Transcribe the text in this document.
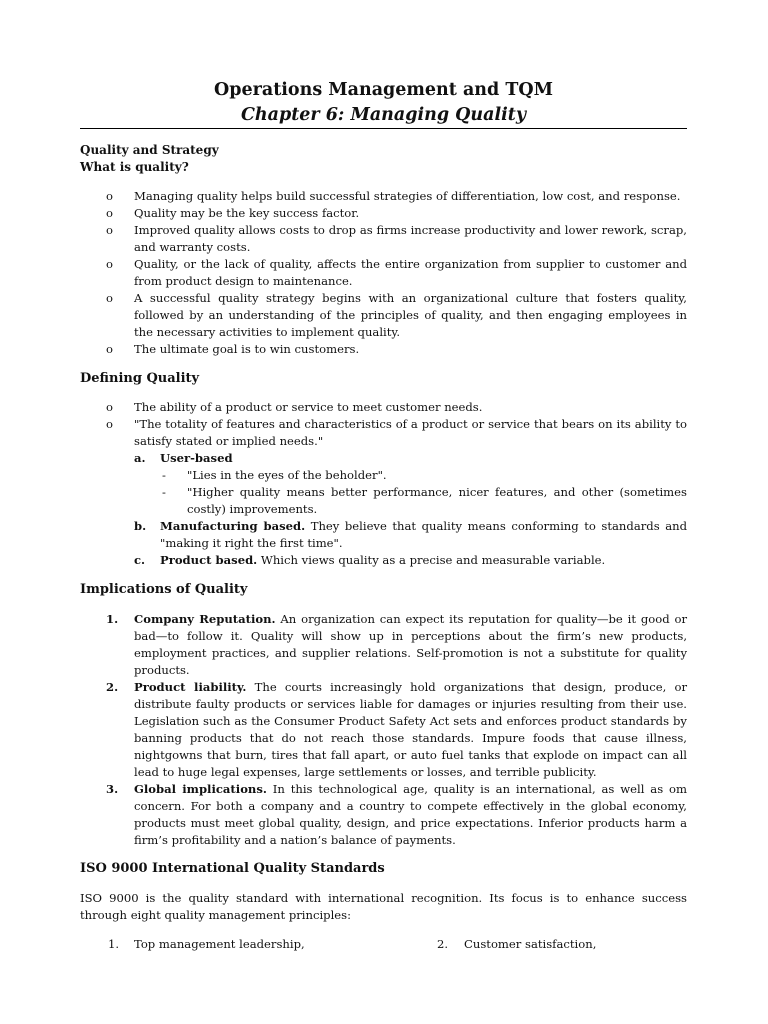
Operations Management and TQM
Chapter 6: Managing Quality
Quality and Strategy
What is quality?
o Managing quality helps build successful strategies of differentiation, low cost, and response.
o Quality may be the key success factor.
o Improved quality allows costs to drop as firms increase productivity and lower rework, scrap, and warranty costs.
o Quality, or the lack of quality, affects the entire organization from supplier to customer and from product design to maintenance.
o A successful quality strategy begins with an organizational culture that fosters quality, followed by an understanding of the principles of quality, and then engaging employees in the necessary activities to implement quality.
o The ultimate goal is to win customers.
Defining Quality
o The ability of a product or service to meet customer needs.
o "The totality of features and characteristics of a product or service that bears on its ability to satisfy stated or implied needs."
a. User-based
- "Lies in the eyes of the beholder".
- "Higher quality means better performance, nicer features, and other (sometimes costly) improvements.
b. Manufacturing based. They believe that quality means conforming to standards and "making it right the first time".
c. Product based. Which views quality as a precise and measurable variable.
Implications of Quality
1. Company Reputation. An organization can expect its reputation for quality—be it good or bad—to follow it. Quality will show up in perceptions about the firm’s new products, employment practices, and supplier relations. Self-promotion is not a substitute for quality products.
2. Product liability. The courts increasingly hold organizations that design, produce, or distribute faulty products or services liable for damages or injuries resulting from their use. Legislation such as the Consumer Product Safety Act sets and enforces product standards by banning products that do not reach those standards. Impure foods that cause illness, nightgowns that burn, tires that fall apart, or auto fuel tanks that explode on impact can all lead to huge legal expenses, large settlements or losses, and terrible publicity.
3. Global implications. In this technological age, quality is an international, as well as om concern. For both a company and a country to compete effectively in the global economy, products must meet global quality, design, and price expectations. Inferior products harm a firm’s profitability and a nation’s balance of payments.
ISO 9000 International Quality Standards
ISO 9000 is the quality standard with international recognition. Its focus is to enhance success through eight quality management principles:
1. Top management leadership,	2. Customer satisfaction,
